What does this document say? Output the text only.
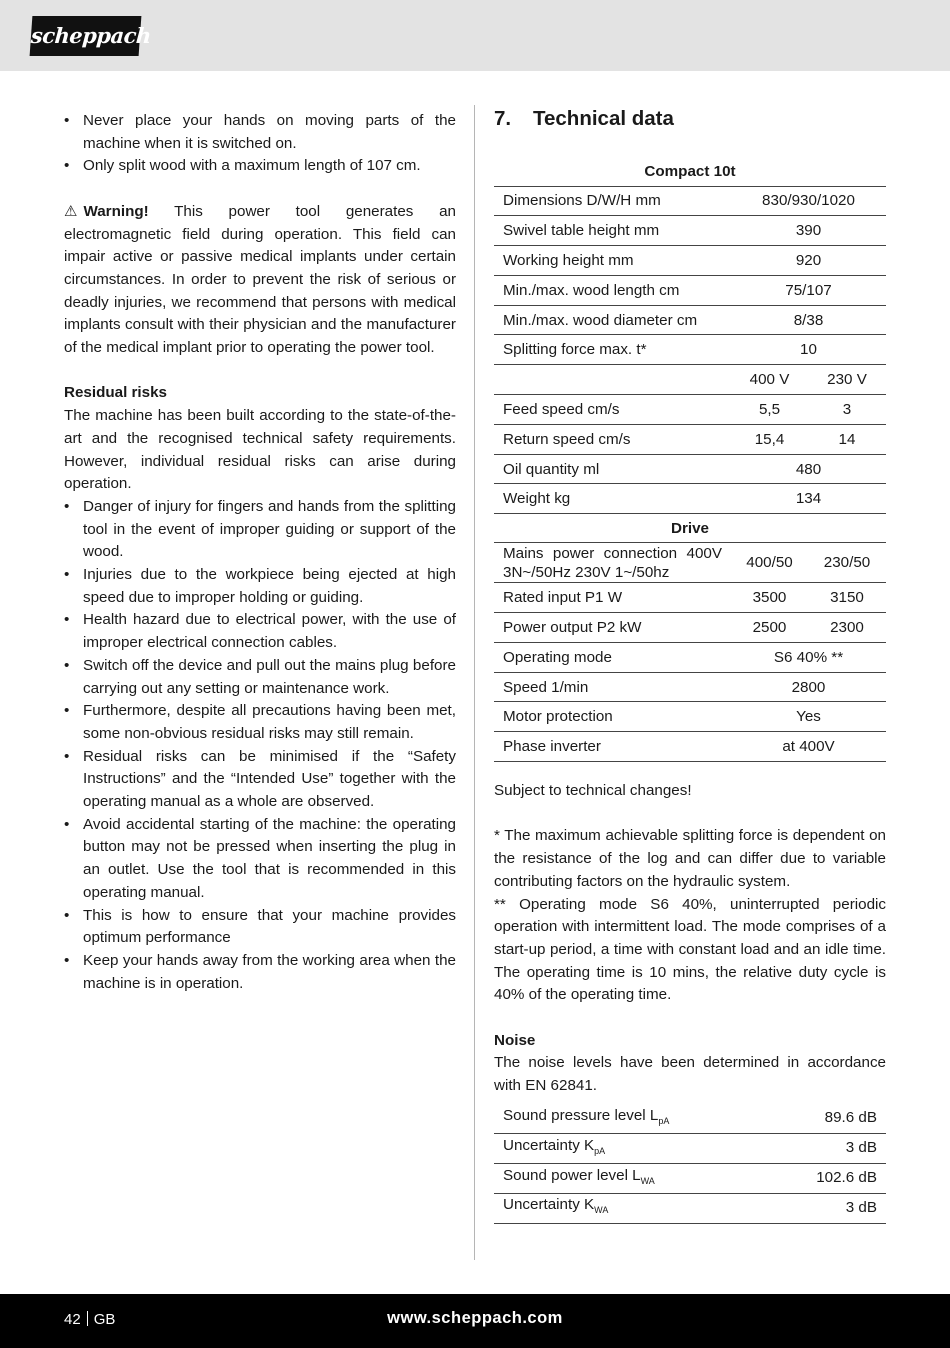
scheppach
• Never place your hands on moving parts of the machine when it is switched on.
• Only split wood with a maximum length of 107 cm.

⚠ Warning! This power tool generates an electromagnetic field during operation. This field can impair active or passive medical implants under certain circumstances. In order to prevent the risk of serious or deadly injuries, we recommend that persons with medical implants consult with their physician and the manufacturer of the medical implant prior to operating the power tool.

Residual risks

The machine has been built according to the state-of-the-art and the recognised technical safety requirements. However, individual residual risks can arise during operation.

• Danger of injury for fingers and hands from the splitting tool in the event of improper guiding or support of the wood.
• Injuries due to the workpiece being ejected at high speed due to improper holding or guiding.
• Health hazard due to electrical power, with the use of improper electrical connection cables.
• Switch off the device and pull out the mains plug before carrying out any setting or maintenance work.
• Furthermore, despite all precautions having been met, some non-obvious residual risks may still remain.
• Residual risks can be minimised if the “Safety Instructions” and the “Intended Use” together with the operating manual as a whole are observed.
• Avoid accidental starting of the machine: the operating button may not be pressed when inserting the plug in an outlet. Use the tool that is recommended in this operating manual.
• This is how to ensure that your machine provides optimum performance
• Keep your hands away from the working area when the machine is in operation.
7. Technical data
Compact 10t		
Dimensions D/W/H mm	830/930/1020	
Swivel table height mm	390	
Working height mm	920	
Min./max. wood length cm	75/107	
Min./max. wood diameter cm	8/38	
Splitting force max. t*	10	
	400 V	230 V
Feed speed cm/s	5,5	3
Return speed cm/s	15,4	14
Oil quantity ml	480	
Weight kg	134	
Drive		
Mains power connection 400V 3N~/50Hz 230V 1~/50hz	400/50	230/50
Rated input P1 W	3500	3150
Power output P2 kW	2500	2300
Operating mode	S6 40% **	
Speed 1/min	2800	
Motor protection	Yes	
Phase inverter	at 400V	

Subject to technical changes!

* The maximum achievable splitting force is dependent on the resistance of the log and can differ due to variable contributing factors on the hydraulic system.

** Operating mode S6 40%, uninterrupted periodic operation with intermittent load. The mode comprises of a start-up period, a time with constant load and an idle time. The operating time is 10 mins, the relative duty cycle is 40% of the operating time.

Noise

The noise levels have been determined in accordance with EN 62841.

Sound pressure level $L_{pA}$	89.6 dB
Uncertainty $K_{pA}$	3 dB
Sound power level $L_{WA}$	102.6 dB
Uncertainty $K_{WA}$	3 dB
42 GB	www.scheppach.com
